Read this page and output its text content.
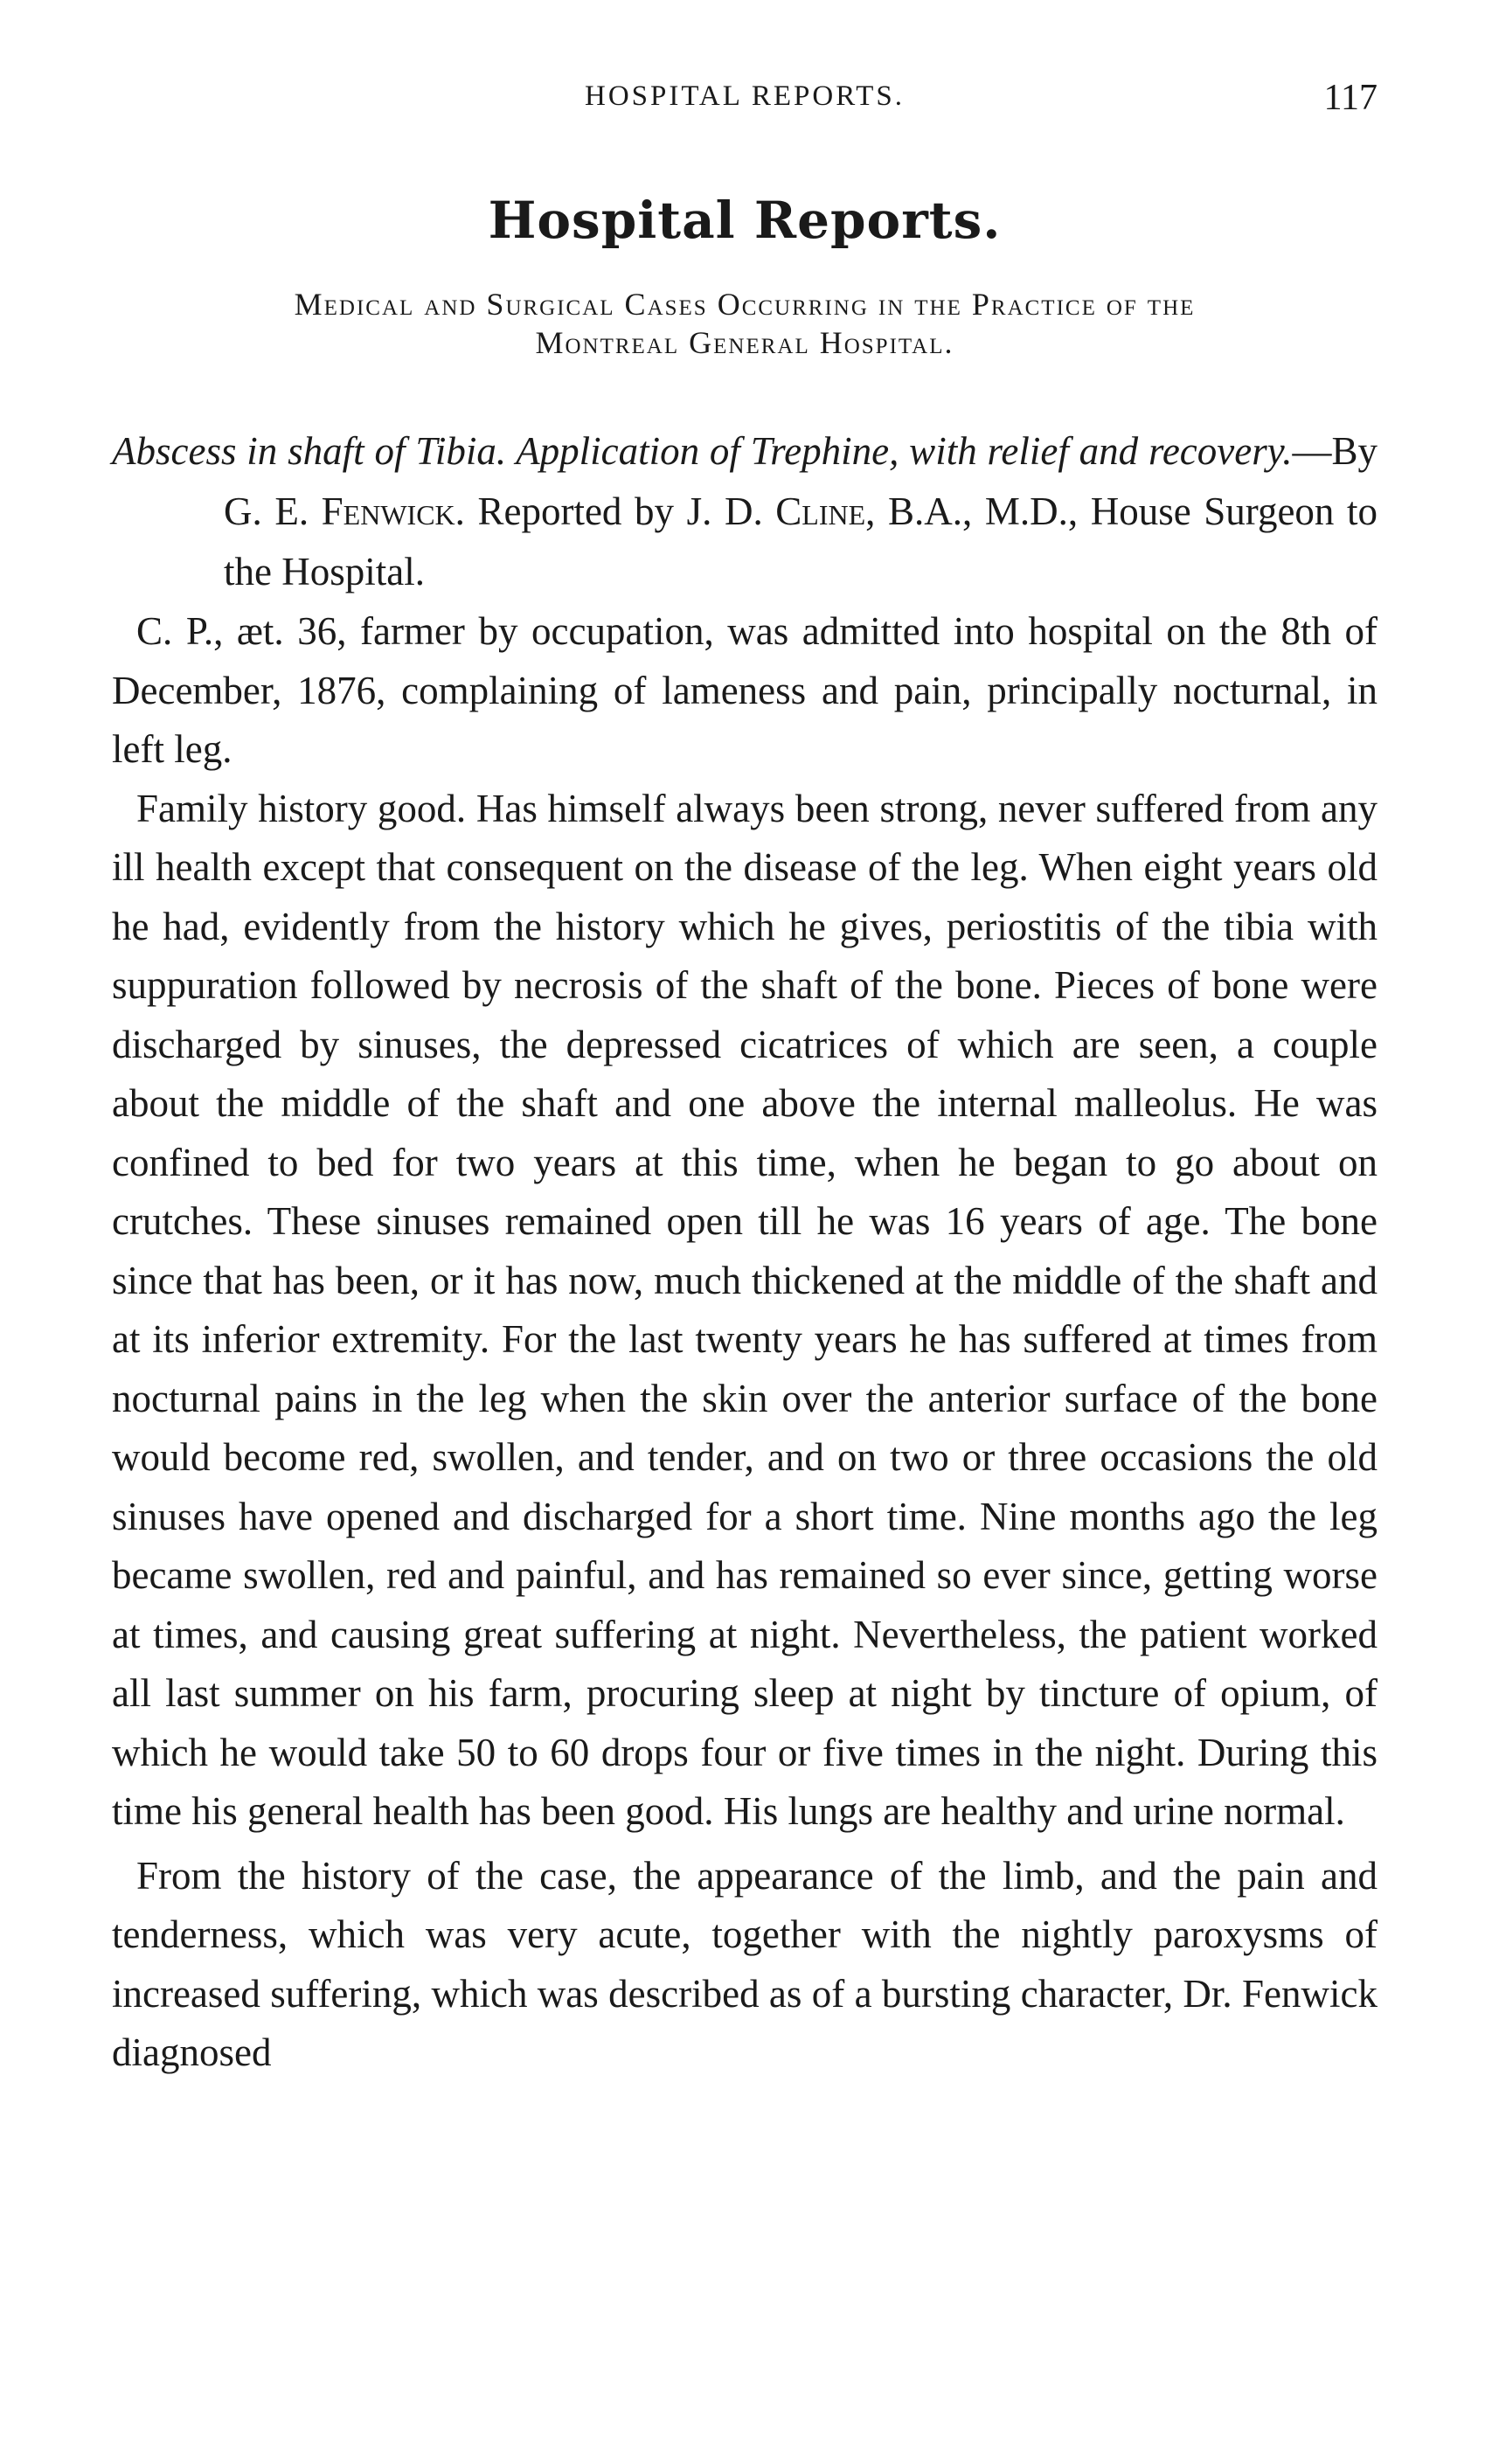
HOSPITAL REPORTS.	117
Hospital Reports.
Medical and Surgical Cases Occurring in the Practice of the
Montreal General Hospital.
Abscess in shaft of Tibia. Application of Trephine, with relief and recovery.—By G. E. Fenwick. Reported by J. D. Cline, B.A., M.D., House Surgeon to the Hospital.

C. P., æt. 36, farmer by occupation, was admitted into hospital on the 8th of December, 1876, complaining of lameness and pain, principally nocturnal, in left leg.

Family history good. Has himself always been strong, never suffered from any ill health except that consequent on the disease of the leg. When eight years old he had, evidently from the history which he gives, periostitis of the tibia with suppuration followed by necrosis of the shaft of the bone. Pieces of bone were discharged by sinuses, the depressed cicatrices of which are seen, a couple about the middle of the shaft and one above the internal malleolus. He was confined to bed for two years at this time, when he began to go about on crutches. These sinuses remained open till he was 16 years of age. The bone since that has been, or it has now, much thickened at the middle of the shaft and at its inferior extremity. For the last twenty years he has suffered at times from nocturnal pains in the leg when the skin over the anterior surface of the bone would become red, swollen, and tender, and on two or three occasions the old sinuses have opened and discharged for a short time. Nine months ago the leg became swollen, red and painful, and has remained so ever since, getting worse at times, and causing great suffering at night. Nevertheless, the patient worked all last summer on his farm, procuring sleep at night by tincture of opium, of which he would take 50 to 60 drops four or five times in the night. During this time his general health has been good. His lungs are healthy and urine normal.

From the history of the case, the appearance of the limb, and the pain and tenderness, which was very acute, together with the nightly paroxysms of increased suffering, which was described as of a bursting character, Dr. Fenwick diagnosed
